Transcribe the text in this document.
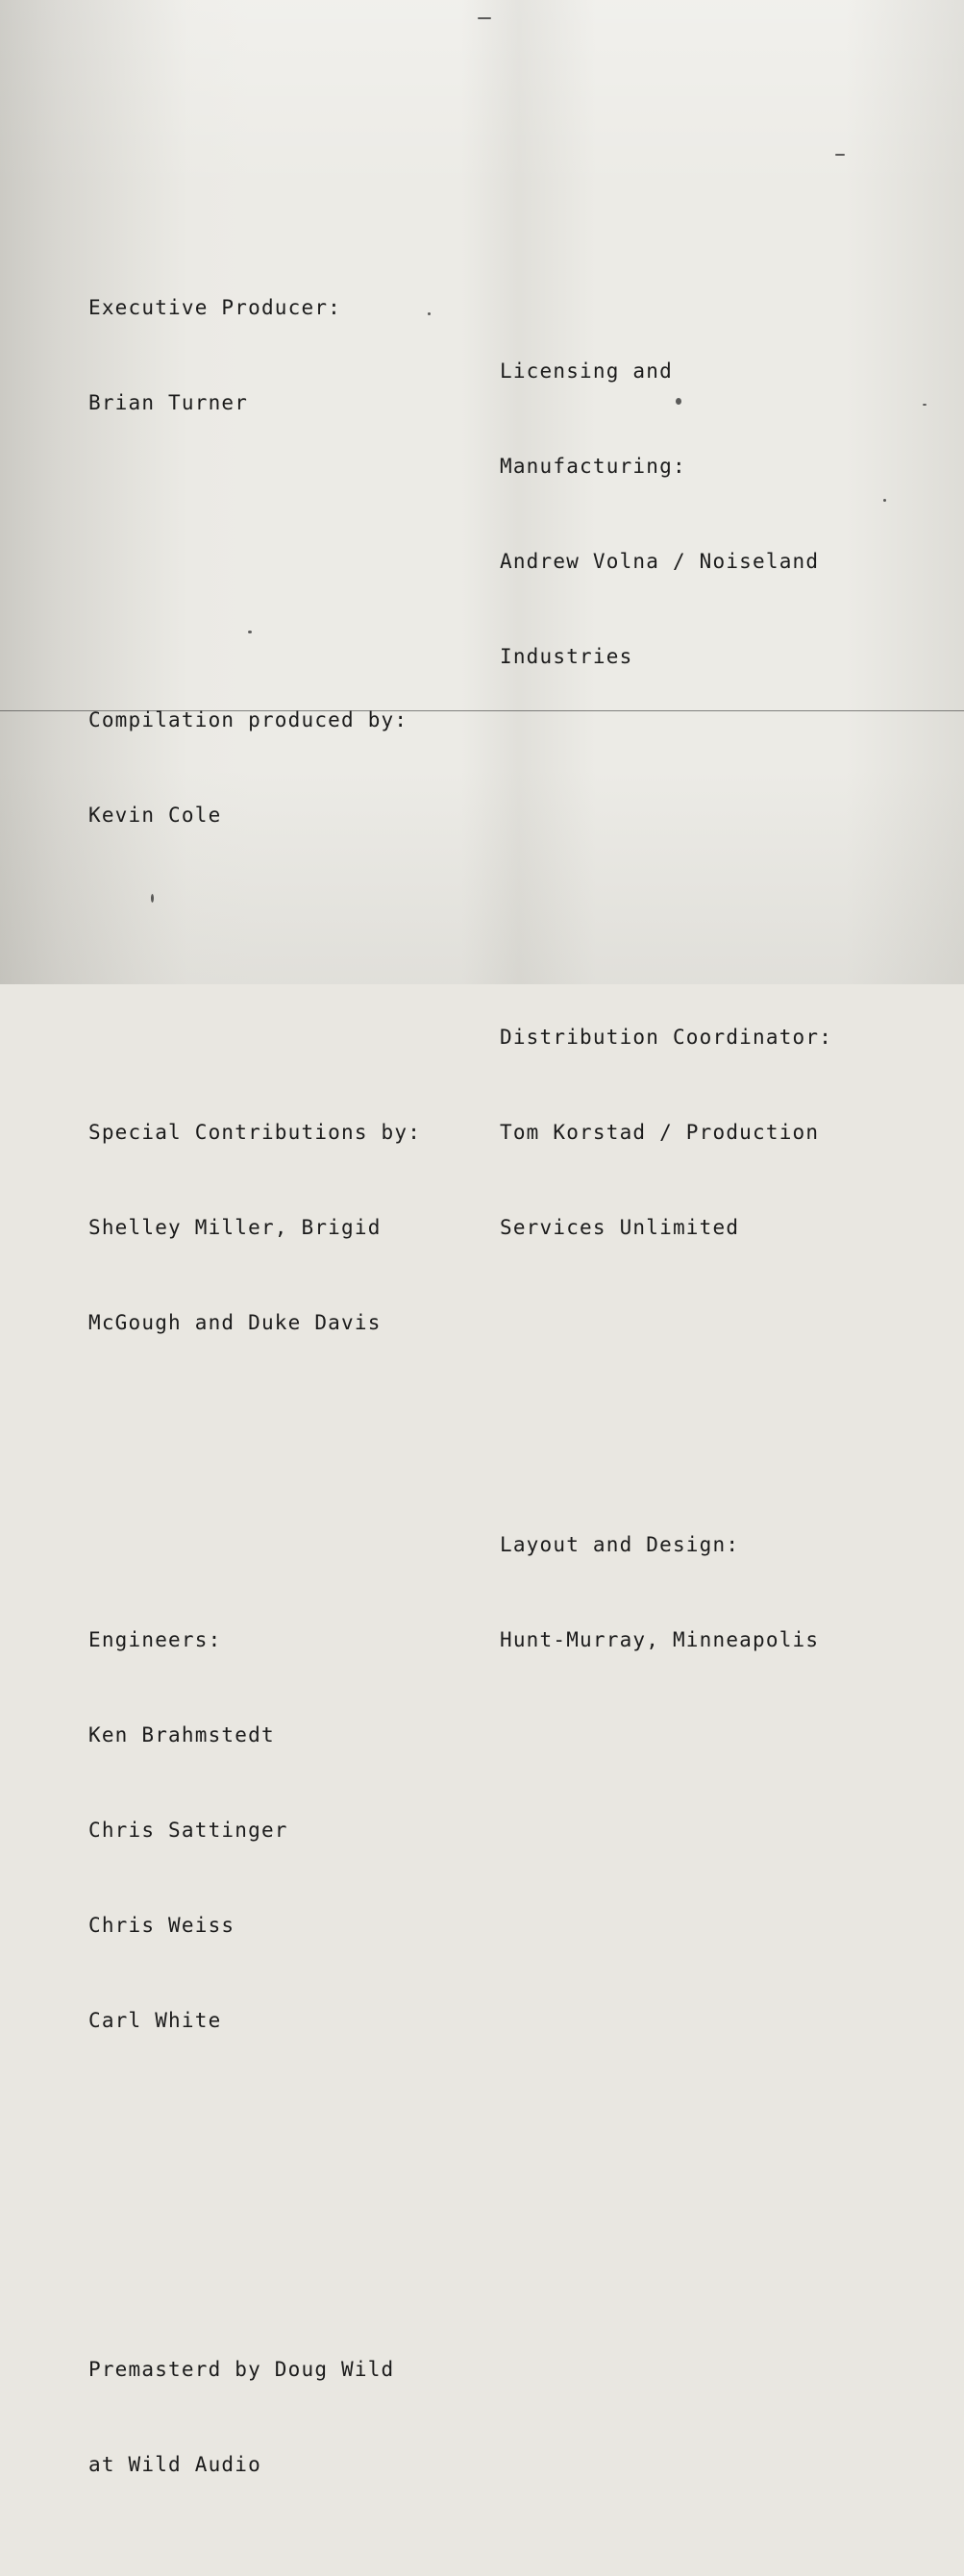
Executive Producer:

Brian Turner

Compilation produced by:

Kevin Cole

Special Contributions by:

Shelley Miller, Brigid

McGough and Duke Davis

Engineers:

Ken Brahmstedt

Chris Sattinger

Chris Weiss

Carl White

Premasterd by Doug Wild

at Wild Audio

Licensing and

Manufacturing:

Andrew Volna / Noiseland

Industries

Distribution Coordinator:

Tom Korstad / Production

Services Unlimited

Layout and Design:

Hunt-Murray, Minneapolis
